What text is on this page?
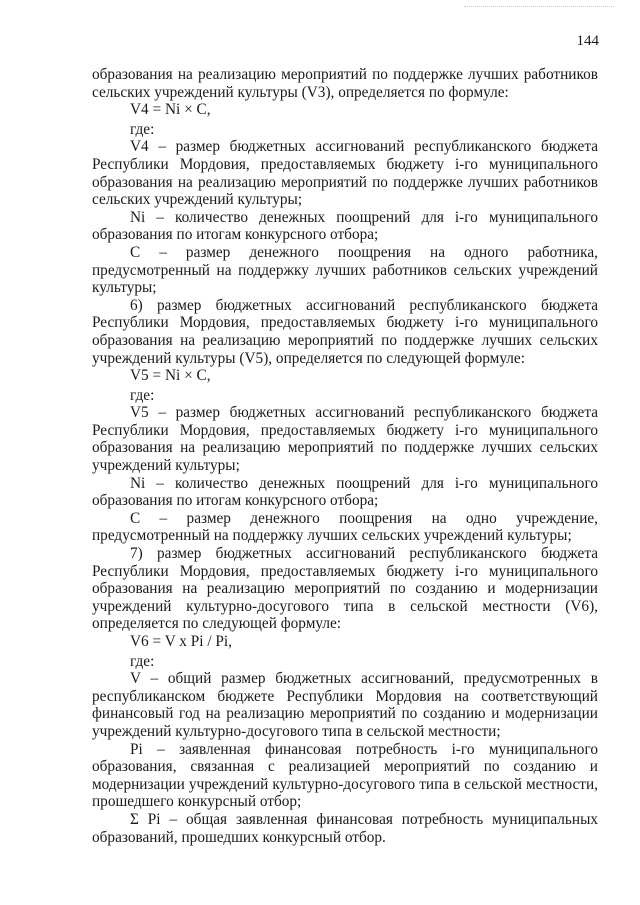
144

образования на реализацию мероприятий по поддержке лучших работников сельских учреждений культуры (V3), определяется по формуле:

V4 = Ni × C,

где:

V4 – размер бюджетных ассигнований республиканского бюджета Республики Мордовия, предоставляемых бюджету i-го муниципального образования на реализацию мероприятий по поддержке лучших работников сельских учреждений культуры;

Ni – количество денежных поощрений для i-го муниципального образования по итогам конкурсного отбора;

C – размер денежного поощрения на одного работника, предусмотренный на поддержку лучших работников сельских учреждений культуры;

6) размер бюджетных ассигнований республиканского бюджета Республики Мордовия, предоставляемых бюджету i-го муниципального образования на реализацию мероприятий по поддержке лучших сельских учреждений культуры (V5), определяется по следующей формуле:

V5 = Ni × C,

где:

V5 – размер бюджетных ассигнований республиканского бюджета Республики Мордовия, предоставляемых бюджету i-го муниципального образования на реализацию мероприятий по поддержке лучших сельских учреждений культуры;

Ni – количество денежных поощрений для i-го муниципального образования по итогам конкурсного отбора;

C – размер денежного поощрения на одно учреждение, предусмотренный на поддержку лучших сельских учреждений культуры;

7) размер бюджетных ассигнований республиканского бюджета Республики Мордовия, предоставляемых бюджету i-го муниципального образования на реализацию мероприятий по созданию и модернизации учреждений культурно-досугового типа в сельской местности (V6), определяется по следующей формуле:

V6 = V x Pi / Pi,

где:

V – общий размер бюджетных ассигнований, предусмотренных в республиканском бюджете Республики Мордовия на соответствующий финансовый год на реализацию мероприятий по созданию и модернизации учреждений культурно-досугового типа в сельской местности;

Pi – заявленная финансовая потребность i-го муниципального образования, связанная с реализацией мероприятий по созданию и модернизации учреждений культурно-досугового типа в сельской местности, прошедшего конкурсный отбор;

Σ Pi – общая заявленная финансовая потребность муниципальных образований, прошедших конкурсный отбор.
